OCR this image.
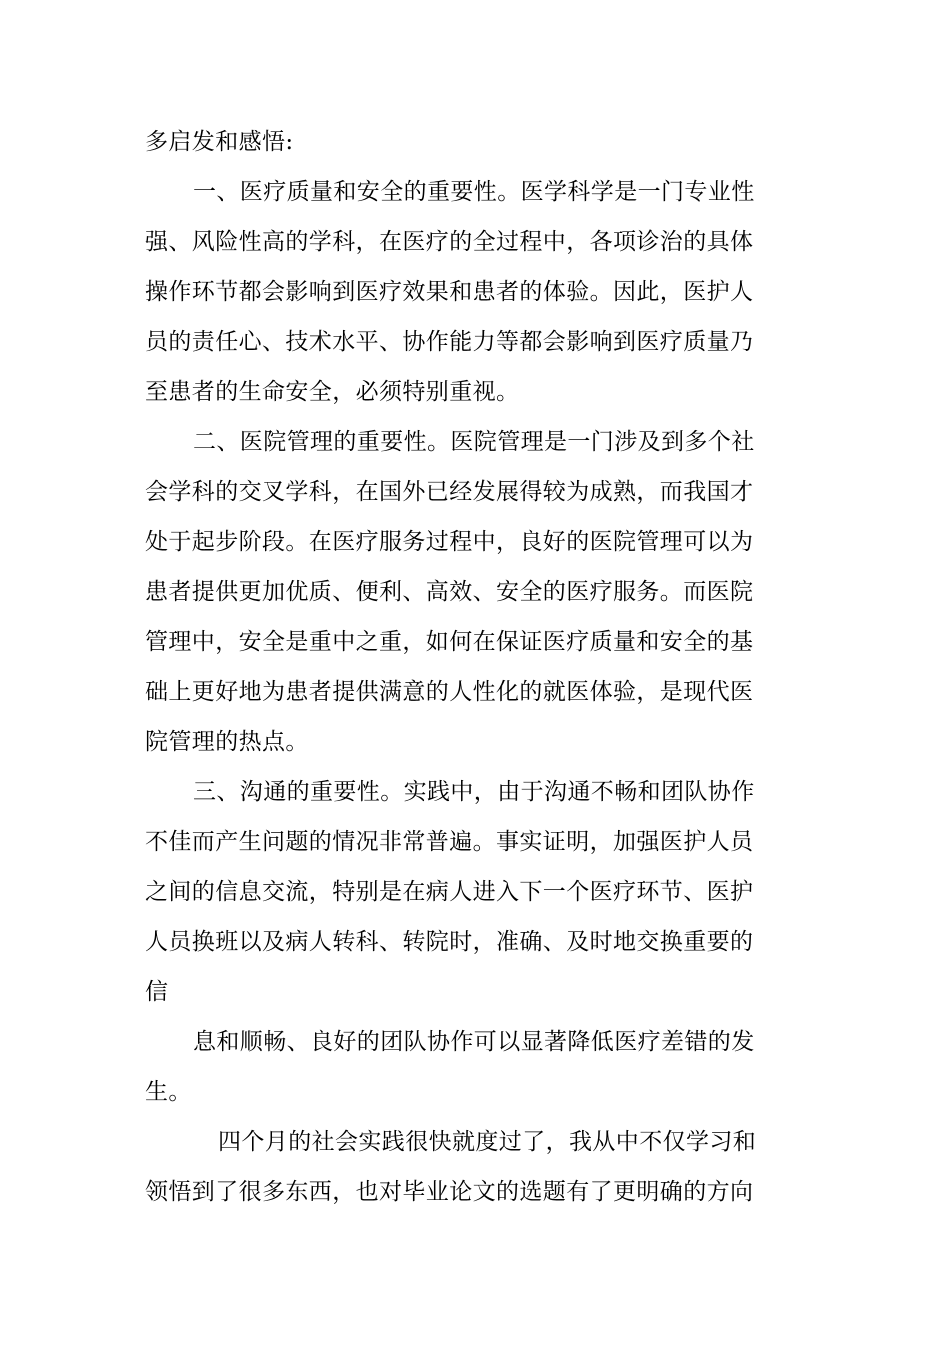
多启发和感悟:
一、医疗质量和安全的重要性。医学科学是一门专业性
强、风险性高的学科，在医疗的全过程中，各项诊治的具体
操作环节都会影响到医疗效果和患者的体验。因此，医护人
员的责任心、技术水平、协作能力等都会影响到医疗质量乃
至患者的生命安全，必须特别重视。
二、医院管理的重要性。医院管理是一门涉及到多个社
会学科的交叉学科，在国外已经发展得较为成熟，而我国才
处于起步阶段。在医疗服务过程中，良好的医院管理可以为
患者提供更加优质、便利、高效、安全的医疗服务。而医院
管理中，安全是重中之重，如何在保证医疗质量和安全的基
础上更好地为患者提供满意的人性化的就医体验，是现代医
院管理的热点。
三、沟通的重要性。实践中，由于沟通不畅和团队协作
不佳而产生问题的情况非常普遍。事实证明，加强医护人员
之间的信息交流，特别是在病人进入下一个医疗环节、医护
人员换班以及病人转科、转院时，准确、及时地交换重要的
信
息和顺畅、良好的团队协作可以显著降低医疗差错的发
生。
四个月的社会实践很快就度过了，我从中不仅学习和
领悟到了很多东西，也对毕业论文的选题有了更明确的方向
